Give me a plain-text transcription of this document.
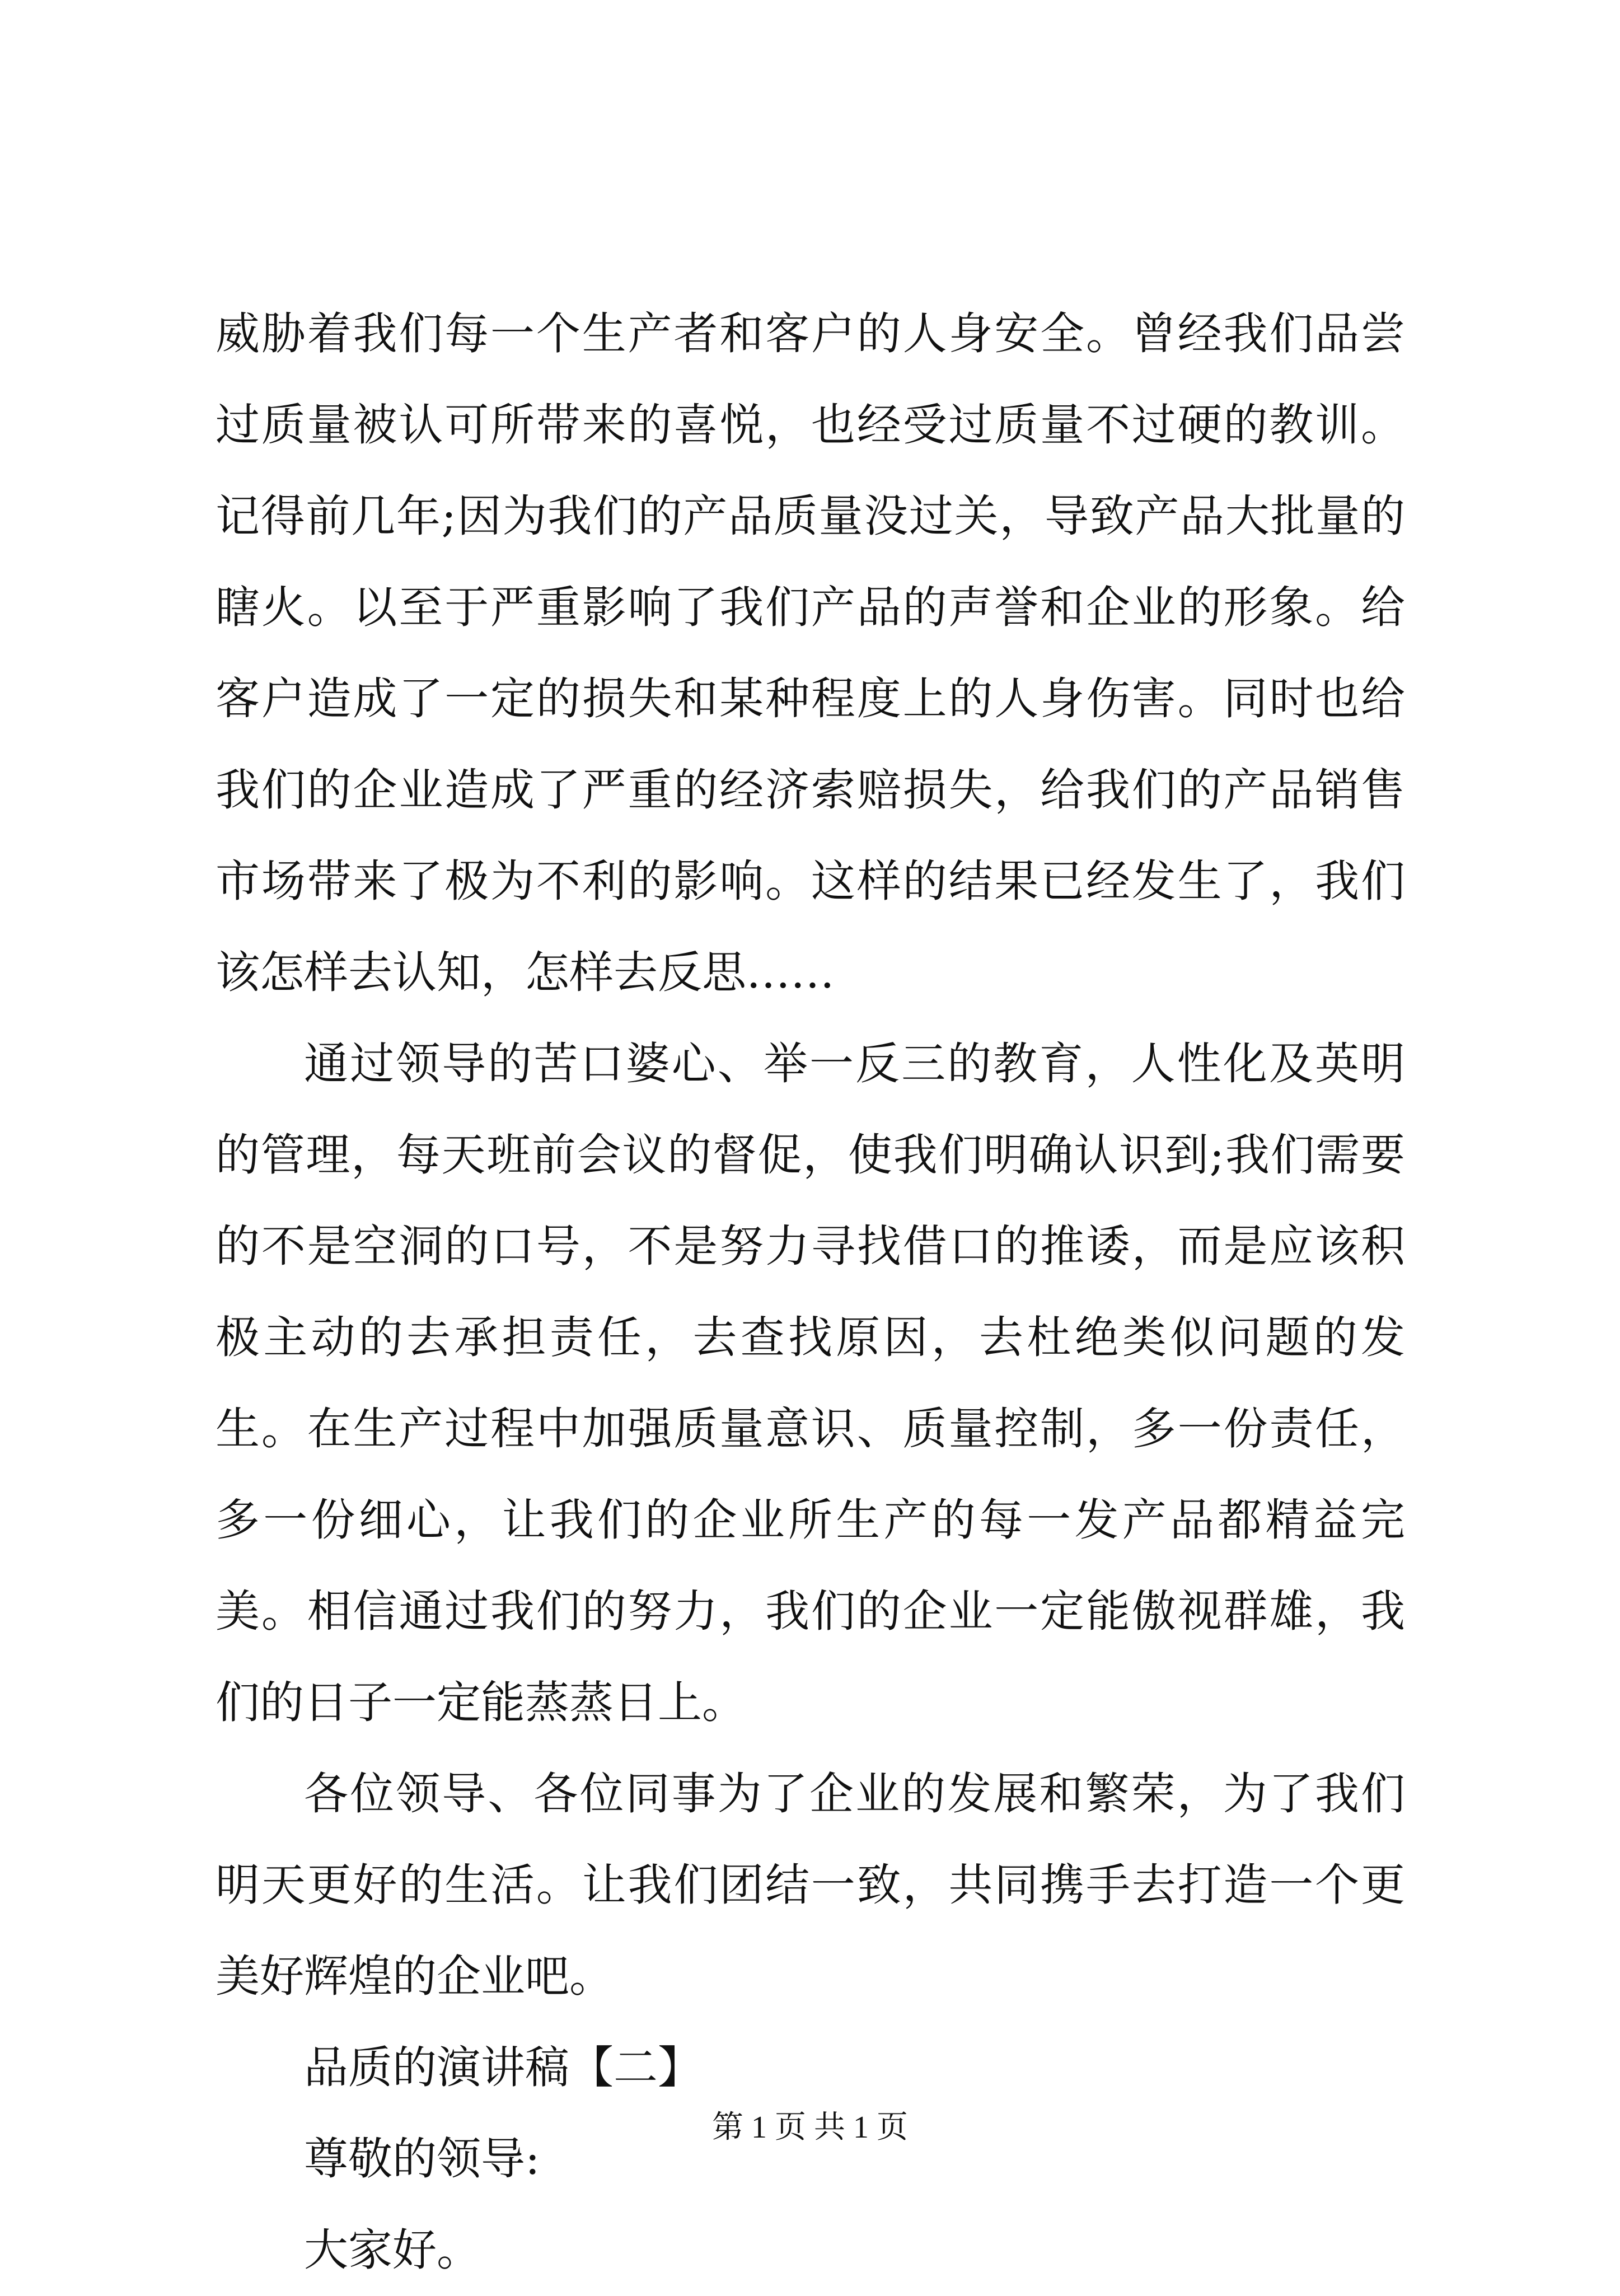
威胁着我们每一个生产者和客户的人身安全。曾经我们品尝过质量被认可所带来的喜悦，也经受过质量不过硬的教训。记得前几年;因为我们的产品质量没过关，导致产品大批量的瞎火。以至于严重影响了我们产品的声誉和企业的形象。给客户造成了一定的损失和某种程度上的人身伤害。同时也给我们的企业造成了严重的经济索赔损失，给我们的产品销售市场带来了极为不利的影响。这样的结果已经发生了，我们该怎样去认知，怎样去反思……

通过领导的苦口婆心、举一反三的教育，人性化及英明的管理，每天班前会议的督促，使我们明确认识到;我们需要的不是空洞的口号，不是努力寻找借口的推诿，而是应该积极主动的去承担责任，去查找原因，去杜绝类似问题的发生。在生产过程中加强质量意识、质量控制，多一份责任，多一份细心，让我们的企业所生产的每一发产品都精益完美。相信通过我们的努力，我们的企业一定能傲视群雄，我们的日子一定能蒸蒸日上。

各位领导、各位同事为了企业的发展和繁荣，为了我们明天更好的生活。让我们团结一致，共同携手去打造一个更美好辉煌的企业吧。

品质的演讲稿【二】

尊敬的领导:

大家好。

第 1 页 共 1 页
